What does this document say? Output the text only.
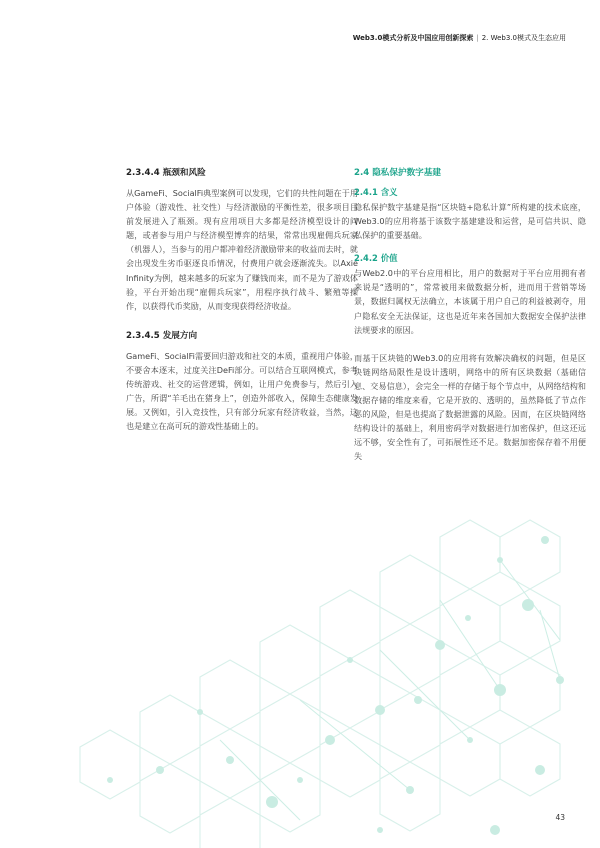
Web3.0模式分析及中国应用创新探索 | 2. Web3.0模式及生态应用
2.3.4.4 瓶颈和风险

从GameFi、SocialFi典型案例可以发现，它们的共性问题在于用户体验（游戏性、社交性）与经济激励的平衡性差，很多项目目前发展进入了瓶颈。现有应用项目大多都是经济模型设计的问题，或者参与用户与经济模型博弈的结果，常常出现雇佣兵玩家（机器人），当参与的用户都冲着经济激励带来的收益而去时，就会出现发生劣币驱逐良币情况，付费用户就会逐渐流失。以Axie Infinity为例，越来越多的玩家为了赚钱而来，而不是为了游戏体验，平台开始出现“雇佣兵玩家”，用程序执行战斗、繁殖等操作，以获得代币奖励，从而变现获得经济收益。

2.3.4.5 发展方向

GameFi、SocialFi需要回归游戏和社交的本质，重视用户体验，不要舍本逐末，过度关注DeFi部分。可以结合互联网模式，参考传统游戏、社交的运营逻辑，例如，让用户免费参与，然后引入广告，所谓“羊毛出在猪身上”，创造外部收入，保障生态健康发展。又例如，引入竞技性，只有部分玩家有经济收益，当然，这也是建立在高可玩的游戏性基础上的。

2.4 隐私保护数字基建
2.4.1 含义

隐私保护数字基建是指“区块链+隐私计算”所构建的技术底座，Web3.0的应用将基于该数字基建建设和运营，是可信共识、隐私保护的重要基础。

2.4.2 价值

与Web2.0中的平台应用相比，用户的数据对于平台应用拥有者来说是“透明的”，常常被用来做数据分析，进而用于营销等场景，数据归属权无法确立，本该属于用户自己的利益被剥夺，用户隐私安全无法保证，这也是近年来各国加大数据安全保护法律法规要求的原因。

而基于区块链的Web3.0的应用将有效解决确权的问题，但是区块链网络局限性是设计透明，网络中的所有区块数据（基础信息、交易信息），会完全一样的存储于每个节点中，从网络结构和数据存储的维度来看，它是开放的、透明的，虽然降低了节点作恶的风险，但是也提高了数据泄露的风险。因而，在区块链网络结构设计的基础上，利用密码学对数据进行加密保护，但这还远远不够，安全性有了，可拓展性还不足。数据加密保存着不用便失

43
